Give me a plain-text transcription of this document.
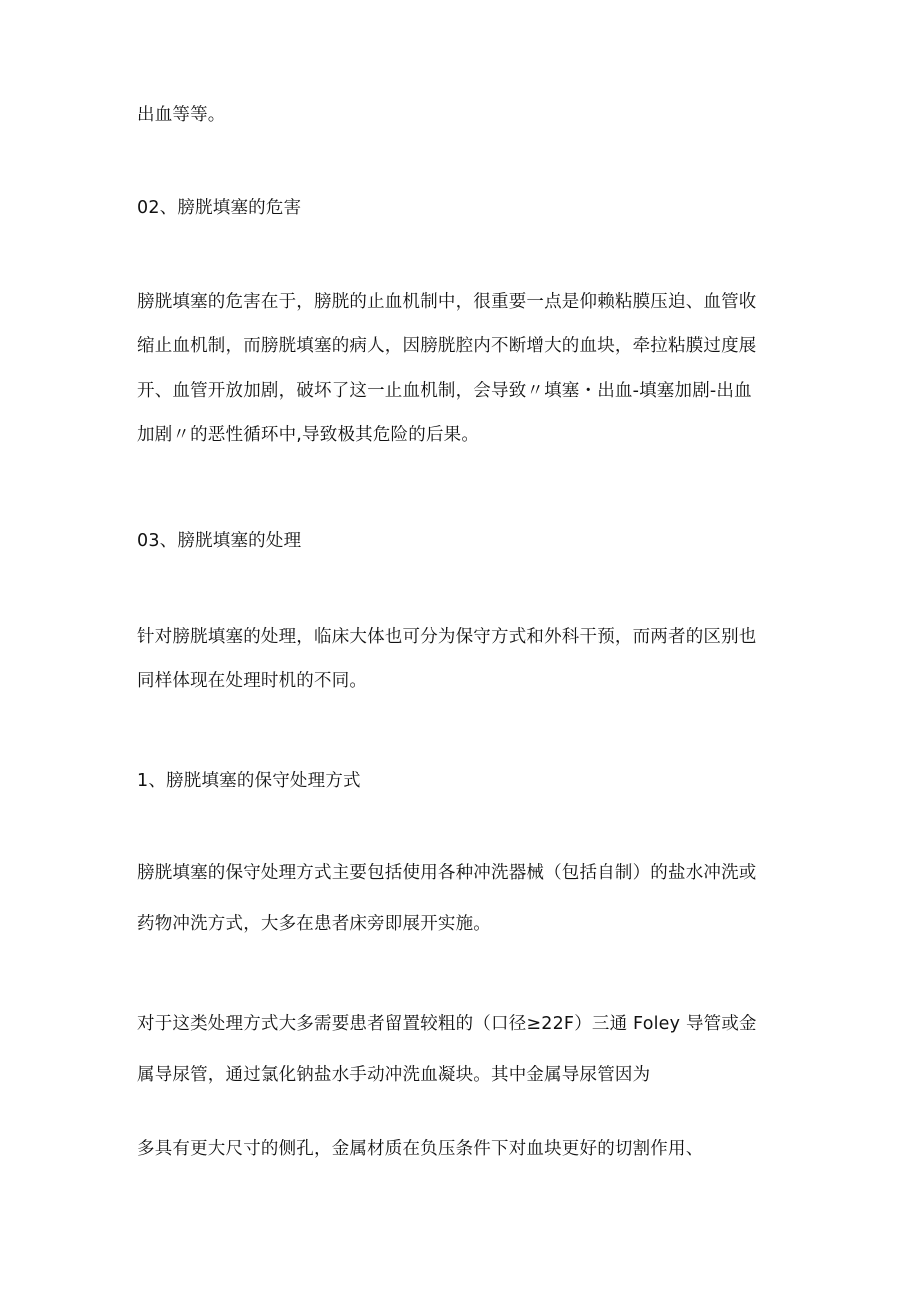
出血等等。
02、膀胱填塞的危害
膀胱填塞的危害在于，膀胱的止血机制中，很重要一点是仰赖粘膜压迫、血管收
缩止血机制，而膀胱填塞的病人，因膀胱腔内不断增大的血块，牵拉粘膜过度展
开、血管开放加剧，破坏了这一止血机制，会导致〃填塞・出血-填塞加剧-出血
加剧〃的恶性循环中,导致极其危险的后果。
03、膀胱填塞的处理
针对膀胱填塞的处理，临床大体也可分为保守方式和外科干预，而两者的区别也
同样体现在处理时机的不同。
1、膀胱填塞的保守处理方式
膀胱填塞的保守处理方式主要包括使用各种冲洗器械（包括自制）的盐水冲洗或
药物冲洗方式，大多在患者床旁即展开实施。
对于这类处理方式大多需要患者留置较粗的（口径≥22F）三通 Foley 导管或金
属导尿管，通过氯化钠盐水手动冲洗血凝块。其中金属导尿管因为
多具有更大尺寸的侧孔，金属材质在负压条件下对血块更好的切割作用、
